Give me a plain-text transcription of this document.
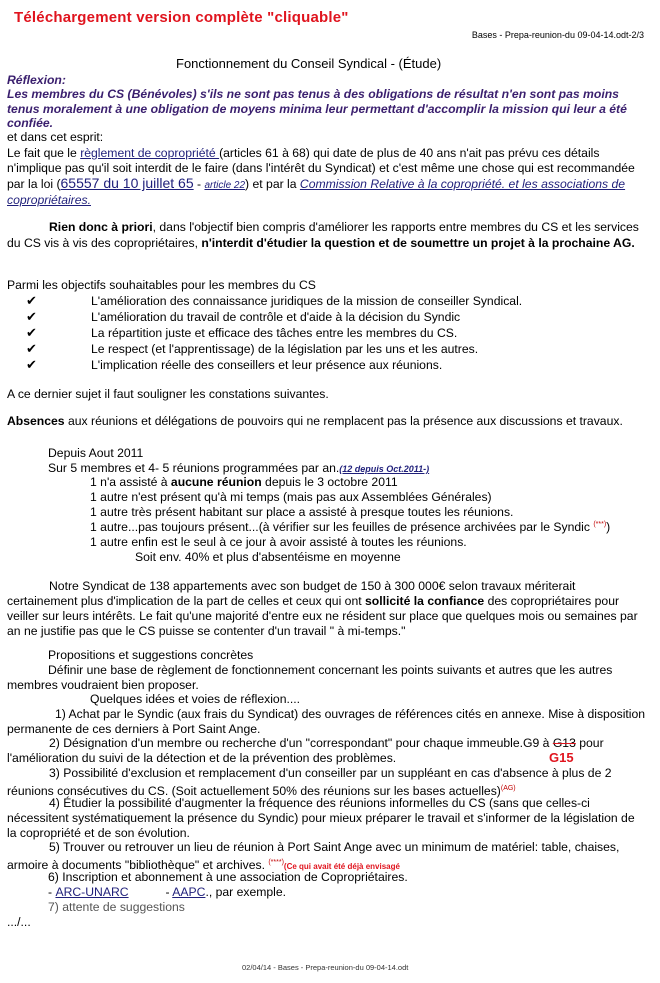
Téléchargement version complète "cliquable"
Bases - Prepa-reunion-du 09-04-14.odt-2/3
Fonctionnement du Conseil Syndical - (Étude)
Réflexion:
Les membres du CS (Bénévoles) s'ils ne sont pas tenus à des obligations de résultat n'en sont pas moins tenus moralement à une obligation de moyens minima leur permettant d'accomplir la mission qui leur a été confiée.
et dans cet esprit:
Le fait que le règlement de copropriété (articles 61 à 68) qui date de plus de 40 ans n'ait pas prévu ces détails n'implique pas qu'il soit interdit de le faire (dans l'intérêt du Syndicat) et c'est même une chose qui est recommandée par la loi (65557 du 10 juillet 65 - article 22) et par la Commission Relative à la copropriété. et les associations de copropriétaires.
Rien donc à priori, dans l'objectif bien compris d'améliorer les rapports entre membres du CS et les services du CS vis à vis des copropriétaires, n'interdit d'étudier la question et de soumettre un projet à la prochaine AG.
Parmi les objectifs souhaitables pour les membres du CS
✔	L'amélioration des connaissance juridiques de la mission de conseiller Syndical.
✔	L'amélioration du travail de contrôle et d'aide à la décision du Syndic
✔	La répartition juste et efficace des tâches entre les membres du CS.
✔	Le respect (et l'apprentissage) de la législation par les uns et les autres.
✔	L'implication réelle des conseillers et leur présence aux réunions.
A ce dernier sujet il faut souligner les constations suivantes.
Absences aux réunions et délégations de pouvoirs qui ne remplacent pas la présence aux discussions et travaux.
Depuis Aout 2011
Sur 5 membres et 4- 5 réunions programmées par an.(12 depuis Oct.2011-)
1 n'a assisté à aucune réunion depuis le 3 octobre 2011
1 autre n'est présent qu'à mi temps (mais pas aux Assemblées Générales)
1 autre très présent habitant sur place a assisté à presque toutes les réunions.
1 autre...pas toujours présent...(à vérifier sur les feuilles de présence archivées par le Syndic (***))
1 autre enfin est le seul à ce jour à avoir assisté à toutes les réunions.
Soit env. 40% et plus d'absentéisme en moyenne
Notre Syndicat de 138 appartements avec son budget de 150 à 300 000€ selon travaux mériterait certainement plus d'implication de la part de celles et ceux qui ont sollicité la confiance des copropriétaires pour veiller sur leurs intérêts. Le fait qu'une majorité d'entre eux ne résident sur place que quelques mois ou semaines par an ne justifie pas que le CS puisse se contenter d'un travail " à mi-temps."
Propositions et suggestions concrètes
Définir une base de règlement de fonctionnement concernant les points suivants et autres que les autres membres voudraient bien proposer.
Quelques idées et voies de réflexion....
1) Achat par le Syndic (aux frais du Syndicat) des ouvrages de références cités en annexe. Mise à disposition permanente de ces derniers à Port Saint Ange.
2) Désignation d'un membre ou recherche d'un "correspondant" pour chaque immeuble.G9 à G13 pour l'amélioration du suivi de la détection et de la prévention des problèmes.	G15
3) Possibilité d'exclusion et remplacement d'un conseiller par un suppléant en cas d'absence à plus de 2 réunions consécutives du CS. (Soit actuellement 50% des réunions sur les bases actuelles)$^{(AG)}$
4) Étudier la possibilité d'augmenter la fréquence des réunions informelles du CS (sans que celles-ci nécessitent systématiquement la présence du Syndic) pour mieux préparer le travail et s'informer de la législation de la copropriété et de son évolution.
5) Trouver ou retrouver un lieu de réunion à Port Saint Ange avec un minimum de matériel: table, chaises, armoire à documents "bibliothèque" et archives. (****)(Ce qui avait été déjà envisagé
6) Inscription et abonnement à une association de Copropriétaires.
- ARC-UNARC	- AAPC., par exemple.
7) attente de suggestions
.../...
02/04/14 - Bases - Prepa-reunion-du 09-04-14.odt
